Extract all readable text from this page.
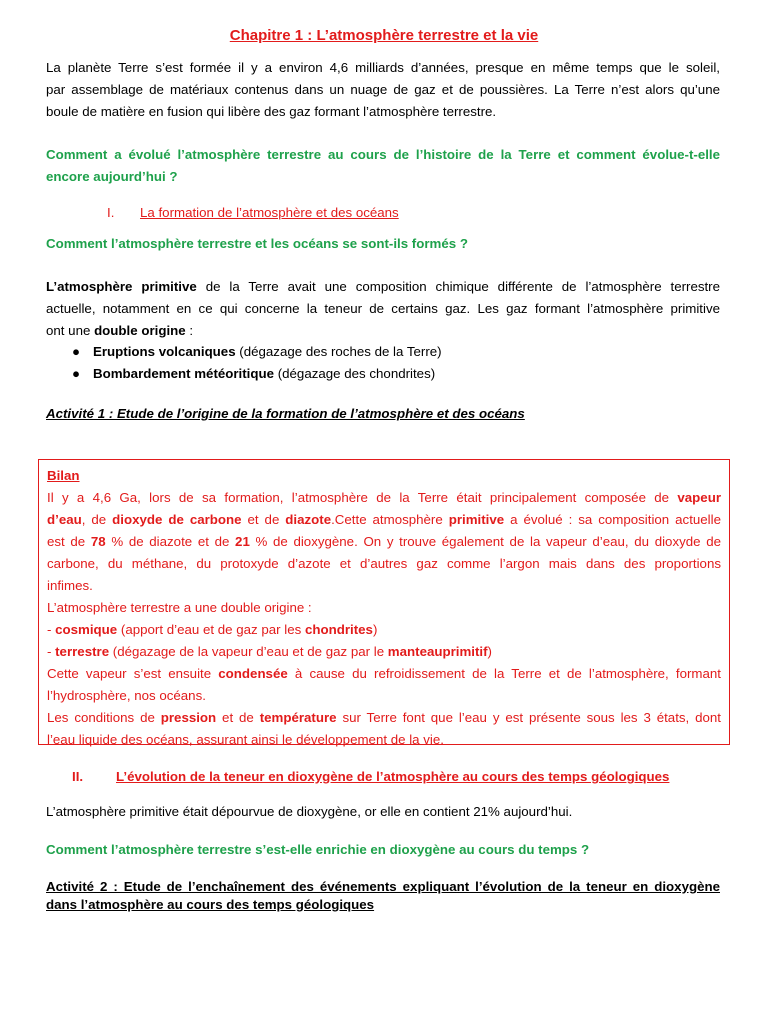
Chapitre 1 : L’atmosphère terrestre et la vie
La planète Terre s’est formée il y a environ 4,6 milliards d’années, presque en même temps que le soleil,
par assemblage de matériaux contenus dans un nuage de gaz et de poussières. La Terre n’est alors qu’une
boule de matière en fusion qui libère des gaz formant l’atmosphère terrestre.
Comment a évolué l’atmosphère terrestre au cours de l’histoire de la Terre et comment évolue-t-elle
encore aujourd’hui ?
I. La formation de l’atmosphère et des océans
Comment l’atmosphère terrestre et les océans se sont-ils formés ?
L’atmosphère primitive de la Terre avait une composition chimique différente de l’atmosphère terrestre
actuelle, notamment en ce qui concerne la teneur de certains gaz. Les gaz formant l’atmosphère primitive
ont une double origine :
● Eruptions volcaniques (dégazage des roches de la Terre)
● Bombardement météoritique (dégazage des chondrites)
Activité 1 : Etude de l’origine de la formation de l’atmosphère et des océans
Bilan
Il y a 4,6 Ga, lors de sa formation, l’atmosphère de la Terre était principalement composée de vapeur
d’eau, de dioxyde de carbone et de diazote.Cette atmosphère primitive a évolué : sa composition actuelle
est de 78 % de diazote et de 21 % de dioxygène. On y trouve également de la vapeur d’eau, du dioxyde de
carbone, du méthane, du protoxyde d’azote et d’autres gaz comme l’argon mais dans des proportions
infimes.
L’atmosphère terrestre a une double origine :
- cosmique (apport d’eau et de gaz par les chondrites)
- terrestre (dégazage de la vapeur d’eau et de gaz par le manteauprimitif)
Cette vapeur s’est ensuite condensée à cause du refroidissement de la Terre et de l’atmosphère, formant
l’hydrosphère, nos océans.
Les conditions de pression et de température sur Terre font que l’eau y est présente sous les 3 états, dont
l’eau liquide des océans, assurant ainsi le développement de la vie.
II. L’évolution de la teneur en dioxygène de l’atmosphère au cours des temps géologiques
L’atmosphère primitive était dépourvue de dioxygène, or elle en contient 21% aujourd’hui.
Comment l’atmosphère terrestre s’est-elle enrichie en dioxygène au cours du temps ?
Activité 2 : Etude de l’enchaînement des événements expliquant l’évolution de la teneur en dioxygène
dans l’atmosphère au cours des temps géologiques
